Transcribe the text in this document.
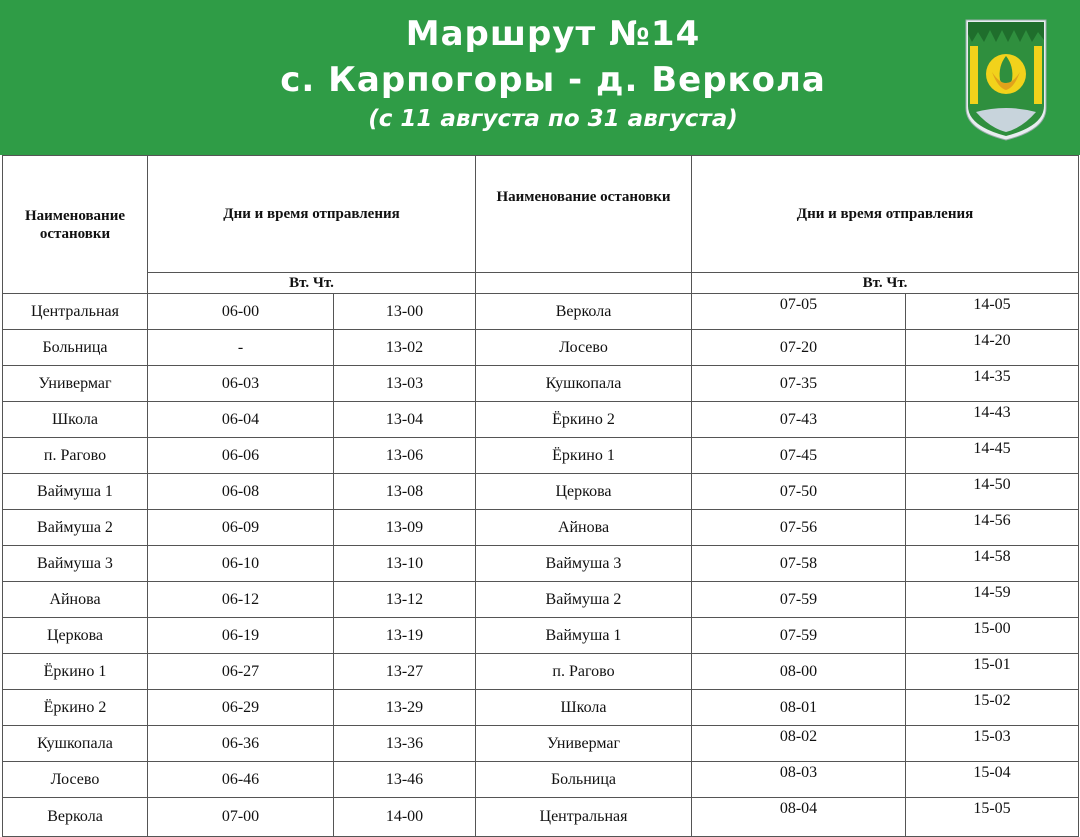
Маршрут №14
с. Карпогоры - д. Веркола
(с 11 августа по 31 августа)
Наименование остановки	Дни и время отправления		Наименование остановки	Дни и время отправления	
	Вт. Чт.			Вт. Чт.	
Центральная	06-00	13-00	Веркола	07-05	14-05
Больница	-	13-02	Лосево	07-20	14-20
Универмаг	06-03	13-03	Кушкопала	07-35	14-35
Школа	06-04	13-04	Ёркино 2	07-43	14-43
п. Рагово	06-06	13-06	Ёркино 1	07-45	14-45
Ваймуша 1	06-08	13-08	Церкова	07-50	14-50
Ваймуша 2	06-09	13-09	Айнова	07-56	14-56
Ваймуша 3	06-10	13-10	Ваймуша 3	07-58	14-58
Айнова	06-12	13-12	Ваймуша 2	07-59	14-59
Церкова	06-19	13-19	Ваймуша 1	07-59	15-00
Ёркино 1	06-27	13-27	п. Рагово	08-00	15-01
Ёркино 2	06-29	13-29	Школа	08-01	15-02
Кушкопала	06-36	13-36	Универмаг	08-02	15-03
Лосево	06-46	13-46	Больница	08-03	15-04
Веркола	07-00	14-00	Центральная	08-04	15-05
